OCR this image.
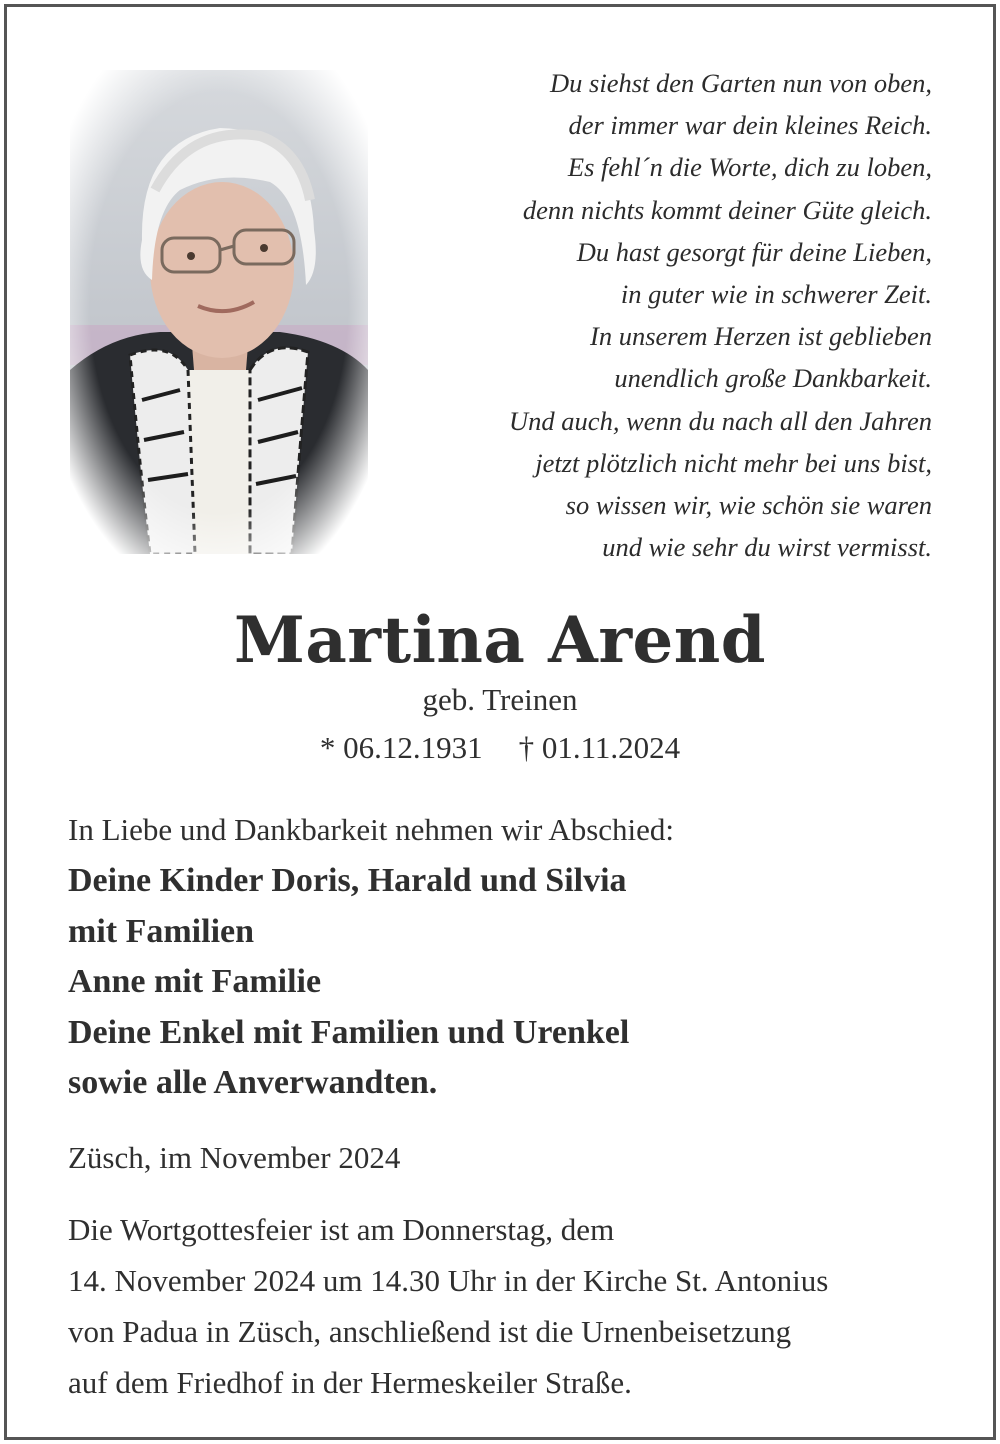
Du siehst den Garten nun von oben,
der immer war dein kleines Reich.
Es fehl´n die Worte, dich zu loben,
denn nichts kommt deiner Güte gleich.
Du hast gesorgt für deine Lieben,
in guter wie in schwerer Zeit.
In unserem Herzen ist geblieben
unendlich große Dankbarkeit.
Und auch, wenn du nach all den Jahren
jetzt plötzlich nicht mehr bei uns bist,
so wissen wir, wie schön sie waren
und wie sehr du wirst vermisst.
Martina Arend
geb. Treinen
* 06.12.1931 † 01.11.2024
In Liebe und Dankbarkeit nehmen wir Abschied:
Deine Kinder Doris, Harald und Silvia
mit Familien
Anne mit Familie
Deine Enkel mit Familien und Urenkel
sowie alle Anverwandten.
Züsch, im November 2024
Die Wortgottesfeier ist am Donnerstag, dem
14. November 2024 um 14.30 Uhr in der Kirche St. Antonius
von Padua in Züsch, anschließend ist die Urnenbeisetzung
auf dem Friedhof in der Hermeskeiler Straße.
